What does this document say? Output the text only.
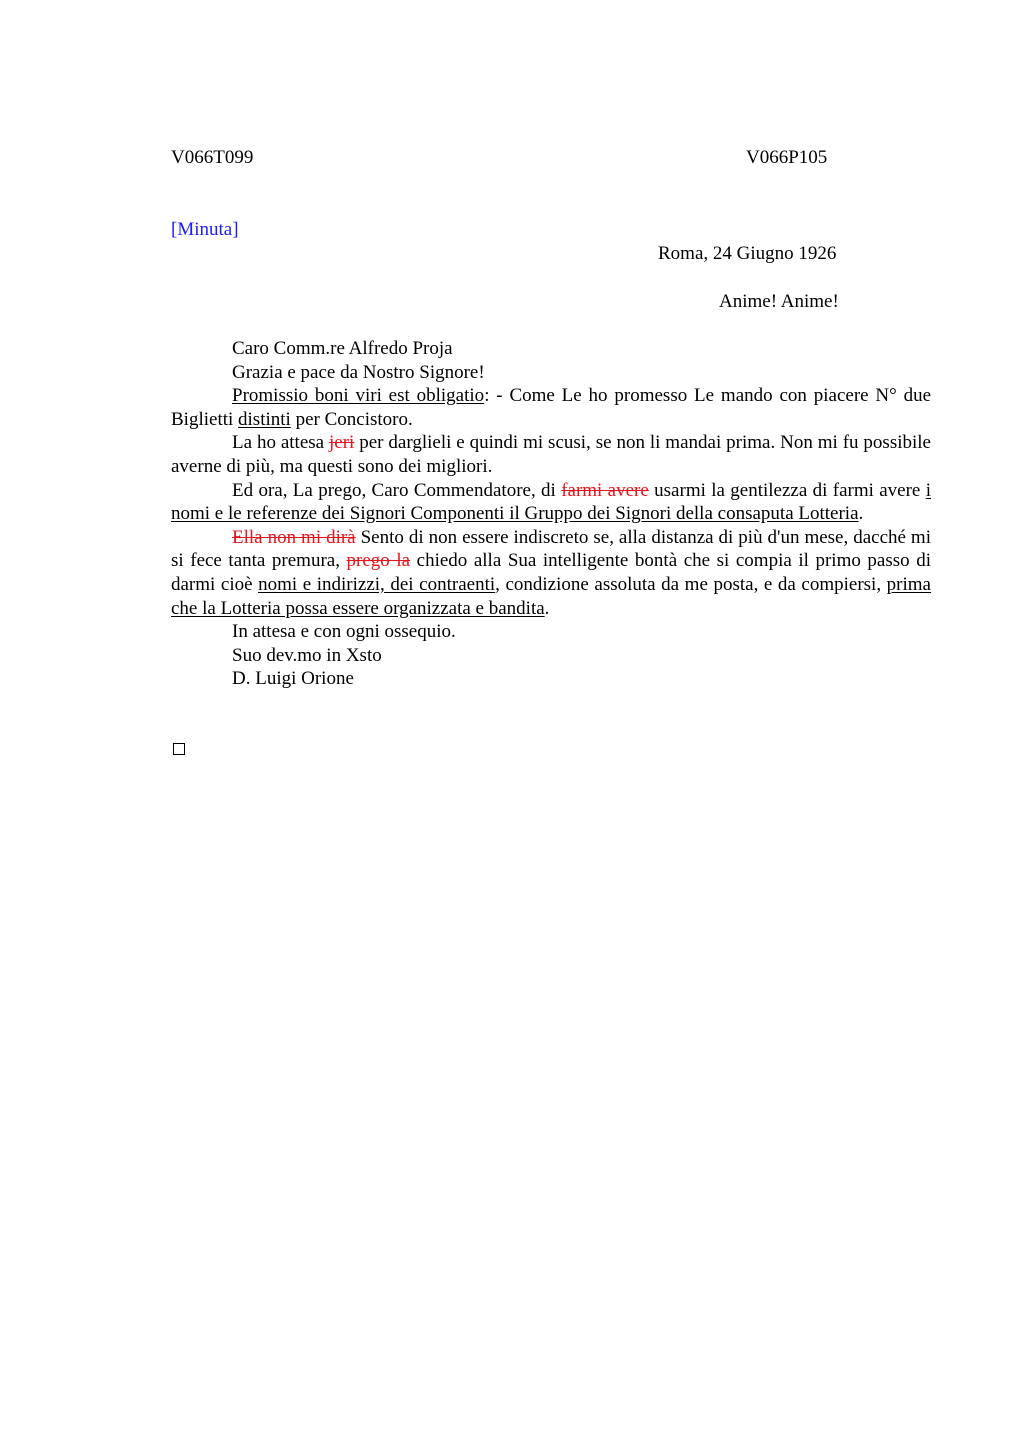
V066T099	V066P105
[Minuta]
Roma, 24 Giugno 1926
Anime! Anime!

Caro Comm.re Alfredo Proja

Grazia e pace da Nostro Signore!

Promissio boni viri est obligatio: - Come Le ho promesso Le mando con piacere N° due Biglietti distinti per Concistoro.

La ho attesa jeri per darglieli e quindi mi scusi, se non li mandai prima. Non mi fu possibile averne di più, ma questi sono dei migliori.

Ed ora, La prego, Caro Commendatore, di farmi avere usarmi la gentilezza di farmi avere i nomi e le referenze dei Signori Componenti il Gruppo dei Signori della consaputa Lotteria.

Ella non mi dirà Sento di non essere indiscreto se, alla distanza di più d'un mese, dacché mi si fece tanta premura, prego la chiedo alla Sua intelligente bontà che si compia il primo passo di darmi cioè nomi e indirizzi, dei contraenti, condizione assoluta da me posta, e da compiersi, prima che la Lotteria possa essere organizzata e bandita.

In attesa e con ogni ossequio.

Suo dev.mo in Xsto

D. Luigi Orione
